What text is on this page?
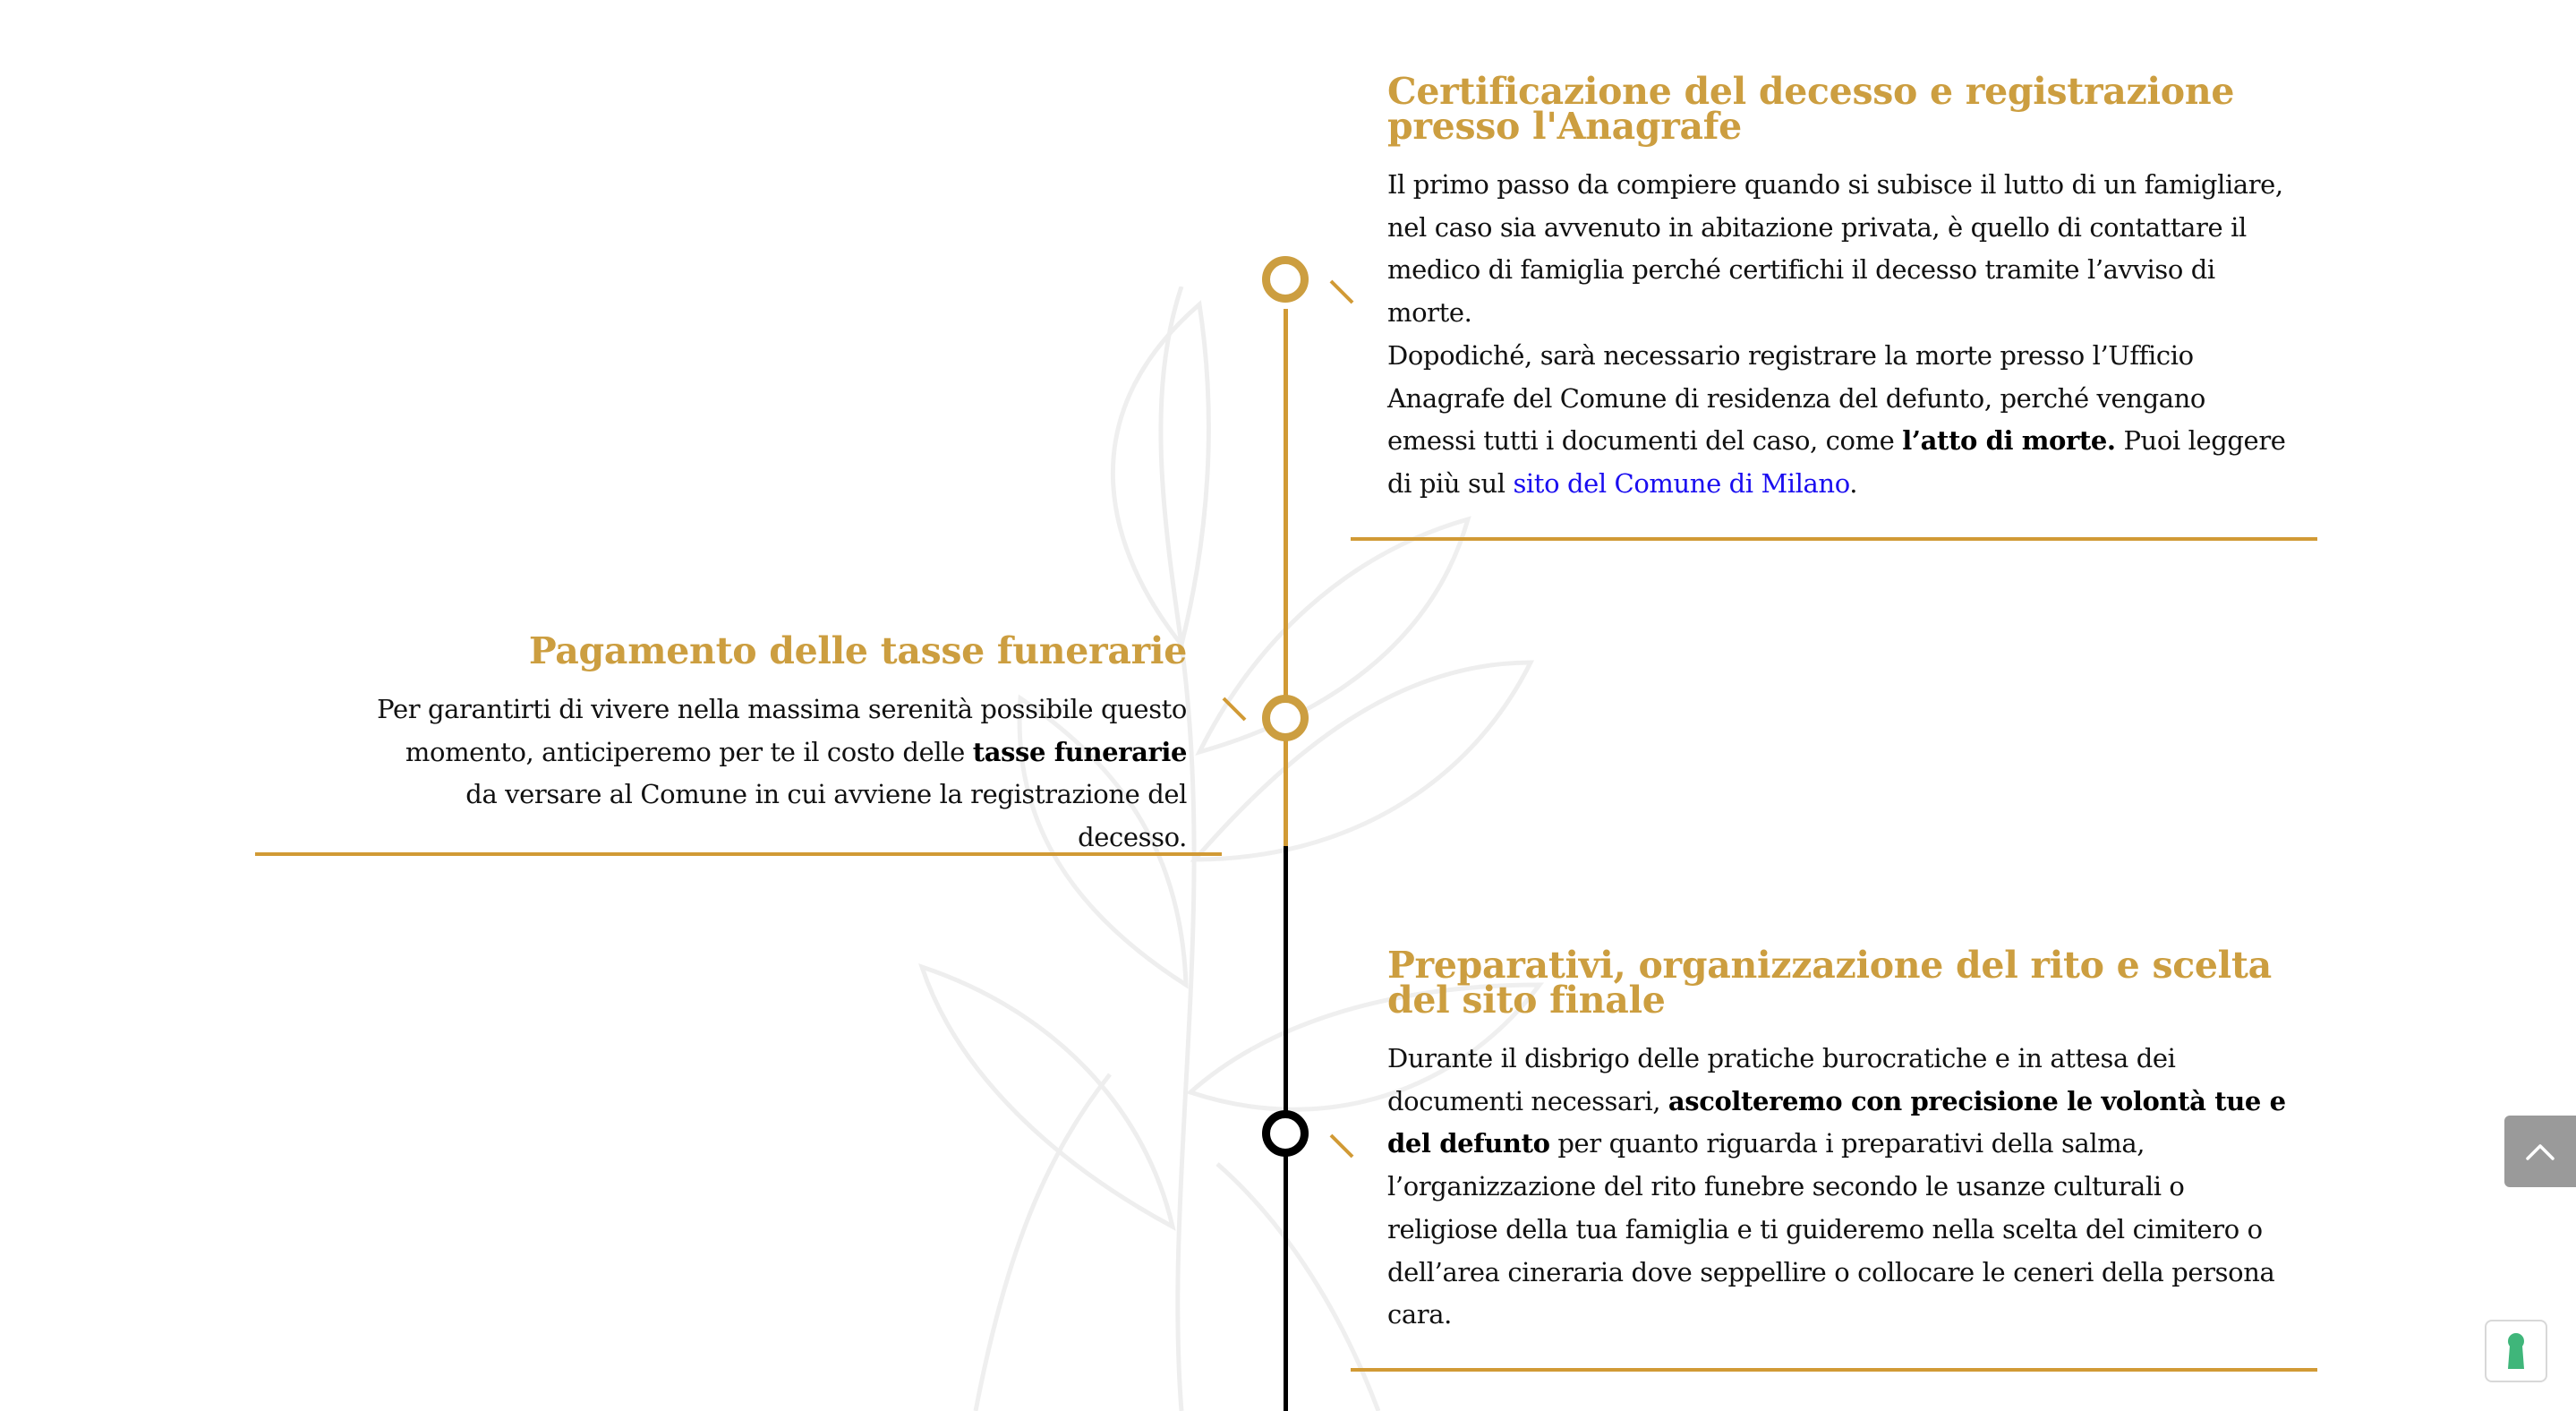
Certificazione del decesso e registrazione presso l'Anagrafe

Il primo passo da compiere quando si subisce il lutto di un famigliare, nel caso sia avvenuto in abitazione privata, è quello di contattare il medico di famiglia perché certifichi il decesso tramite l’avviso di morte.
Dopodiché, sarà necessario registrare la morte presso l’Ufficio Anagrafe del Comune di residenza del defunto, perché vengano emessi tutti i documenti del caso, come l’atto di morte. Puoi leggere di più sul sito del Comune di Milano.

Pagamento delle tasse funerarie

Per garantirti di vivere nella massima serenità possibile questo momento, anticiperemo per te il costo delle tasse funerarie da versare al Comune in cui avviene la registrazione del decesso.

Preparativi, organizzazione del rito e scelta del sito finale

Durante il disbrigo delle pratiche burocratiche e in attesa dei documenti necessari, ascolteremo con precisione le volontà tue e del defunto per quanto riguarda i preparativi della salma, l’organizzazione del rito funebre secondo le usanze culturali o religiose della tua famiglia e ti guideremo nella scelta del cimitero o dell’area cineraria dove seppellire o collocare le ceneri della persona cara.
